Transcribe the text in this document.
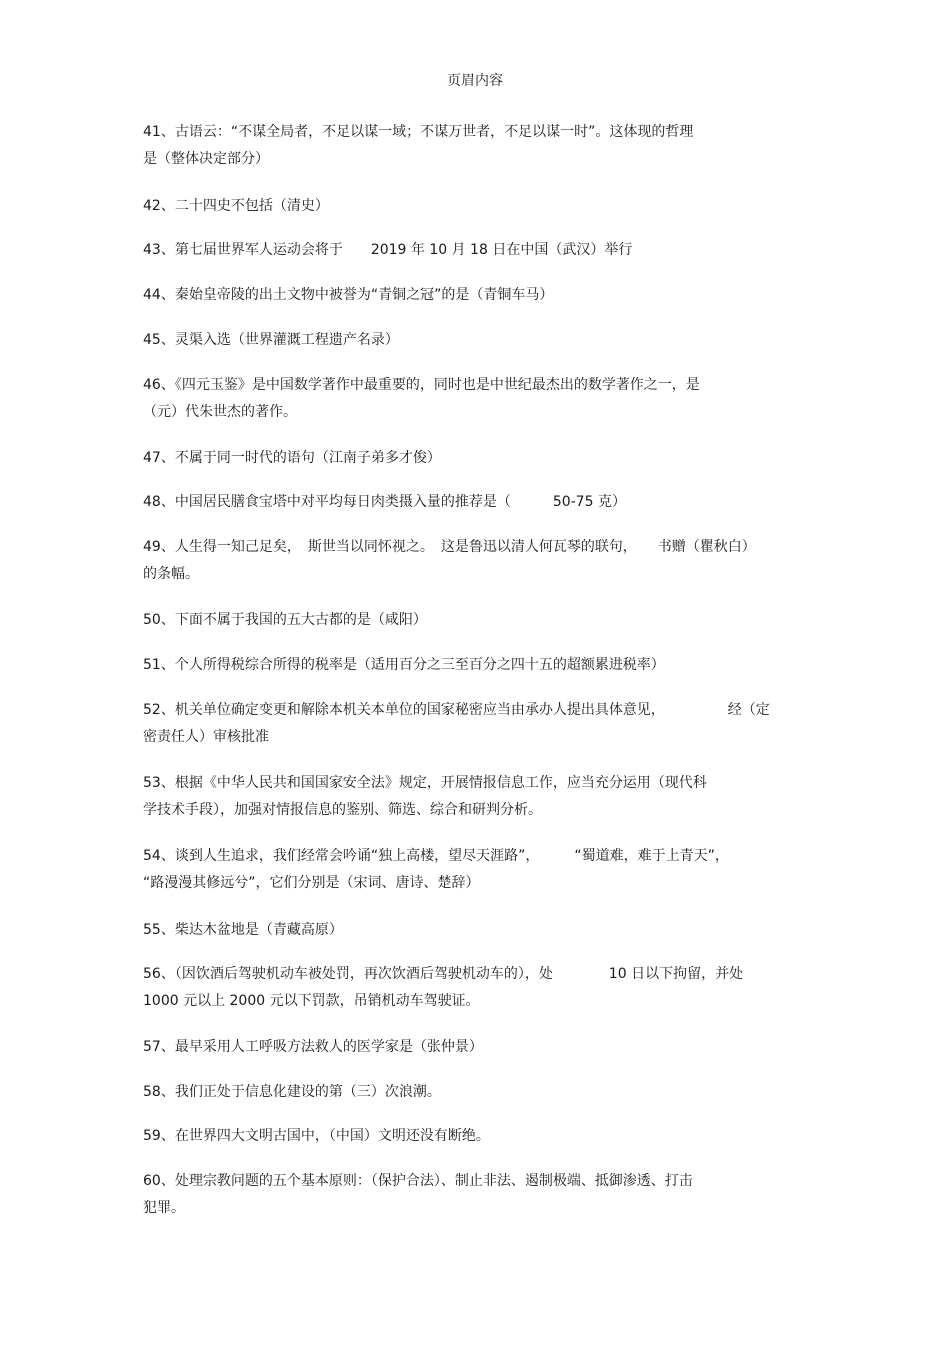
页眉内容
41、古语云：“不谋全局者，不足以谋一域；不谋万世者，不足以谋一时”。这体现的哲理
是（整体决定部分）
42、二十四史不包括（清史）
43、第七届世界军人运动会将于　　2019 年 10 月 18 日在中国（武汉）举行
44、秦始皇帝陵的出土文物中被誉为“青铜之冠”的是（青铜车马）
45、灵渠入选（世界灌溉工程遗产名录）
46、《四元玉鉴》是中国数学著作中最重要的，同时也是中世纪最杰出的数学著作之一，是
（元）代朱世杰的著作。
47、不属于同一时代的语句（江南子弟多才俊）
48、中国居民膳食宝塔中对平均每日肉类摄入量的推荐是（　　　50-75 克）
49、人生得一知己足矣，　斯世当以同怀视之。　这是鲁迅以清人何瓦琴的联句，　　书赠（瞿秋白）
的条幅。
50、下面不属于我国的五大古都的是（咸阳）
51、个人所得税综合所得的税率是（适用百分之三至百分之四十五的超额累进税率）
52、机关单位确定变更和解除本机关本单位的国家秘密应当由承办人提出具体意见，　　　　　经（定
密责任人）审核批准
53、根据《中华人民共和国国家安全法》规定，开展情报信息工作，应当充分运用（现代科
学技术手段），加强对情报信息的鉴别、筛选、综合和研判分析。
54、谈到人生追求，我们经常会吟诵“独上高楼，望尽天涯路”，　　　“蜀道难，难于上青天”，
“路漫漫其修远兮”，它们分别是（宋词、唐诗、楚辞）
55、柴达木盆地是（青藏高原）
56、（因饮酒后驾驶机动车被处罚，再次饮酒后驾驶机动车的），处　　　　10 日以下拘留，并处
1000 元以上 2000 元以下罚款，吊销机动车驾驶证。
57、最早采用人工呼吸方法救人的医学家是（张仲景）
58、我们正处于信息化建设的第（三）次浪潮。
59、在世界四大文明古国中，（中国）文明还没有断绝。
60、处理宗教问题的五个基本原则：（保护合法）、制止非法、遏制极端、抵御渗透、打击
犯罪。
